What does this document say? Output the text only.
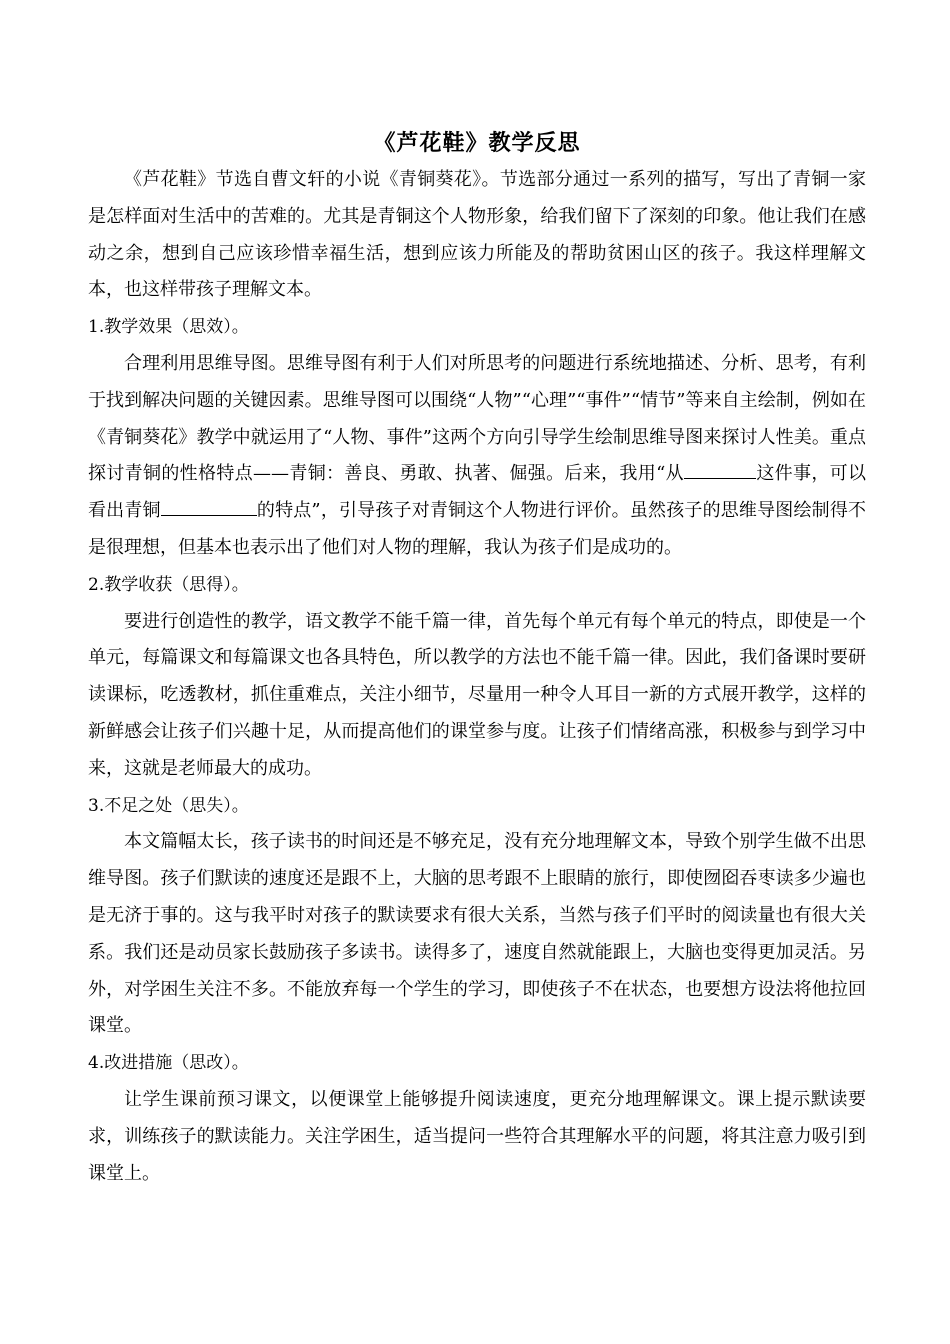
《芦花鞋》教学反思

《芦花鞋》节选自曹文轩的小说《青铜葵花》。节选部分通过一系列的描写，写出了青铜一家是怎样面对生活中的苦难的。尤其是青铜这个人物形象，给我们留下了深刻的印象。他让我们在感动之余，想到自己应该珍惜幸福生活，想到应该力所能及的帮助贫困山区的孩子。我这样理解文本，也这样带孩子理解文本。

1.教学效果（思效）。

合理利用思维导图。思维导图有利于人们对所思考的问题进行系统地描述、分析、思考，有利于找到解决问题的关键因素。思维导图可以围绕“人物”“心理”“事件”“情节”等来自主绘制，例如在《青铜葵花》教学中就运用了“人物、事件”这两个方向引导学生绘制思维导图来探讨人性美。重点探讨青铜的性格特点——青铜：善良、勇敢、执著、倔强。后来，我用“从	这件事，可以看出青铜	的特点”，引导孩子对青铜这个人物进行评价。虽然孩子的思维导图绘制得不是很理想，但基本也表示出了他们对人物的理解，我认为孩子们是成功的。

2.教学收获（思得）。

要进行创造性的教学，语文教学不能千篇一律，首先每个单元有每个单元的特点，即使是一个单元，每篇课文和每篇课文也各具特色，所以教学的方法也不能千篇一律。因此，我们备课时要研读课标，吃透教材，抓住重难点，关注小细节，尽量用一种令人耳目一新的方式展开教学，这样的新鲜感会让孩子们兴趣十足，从而提高他们的课堂参与度。让孩子们情绪高涨，积极参与到学习中来，这就是老师最大的成功。

3.不足之处（思失）。

本文篇幅太长，孩子读书的时间还是不够充足，没有充分地理解文本，导致个别学生做不出思维导图。孩子们默读的速度还是跟不上，大脑的思考跟不上眼睛的旅行，即使囫囵吞枣读多少遍也是无济于事的。这与我平时对孩子的默读要求有很大关系，当然与孩子们平时的阅读量也有很大关系。我们还是动员家长鼓励孩子多读书。读得多了，速度自然就能跟上，大脑也变得更加灵活。另外，对学困生关注不多。不能放弃每一个学生的学习，即使孩子不在状态，也要想方设法将他拉回课堂。

4.改进措施（思改）。

让学生课前预习课文，以便课堂上能够提升阅读速度，更充分地理解课文。课上提示默读要求，训练孩子的默读能力。关注学困生，适当提问一些符合其理解水平的问题，将其注意力吸引到课堂上。
